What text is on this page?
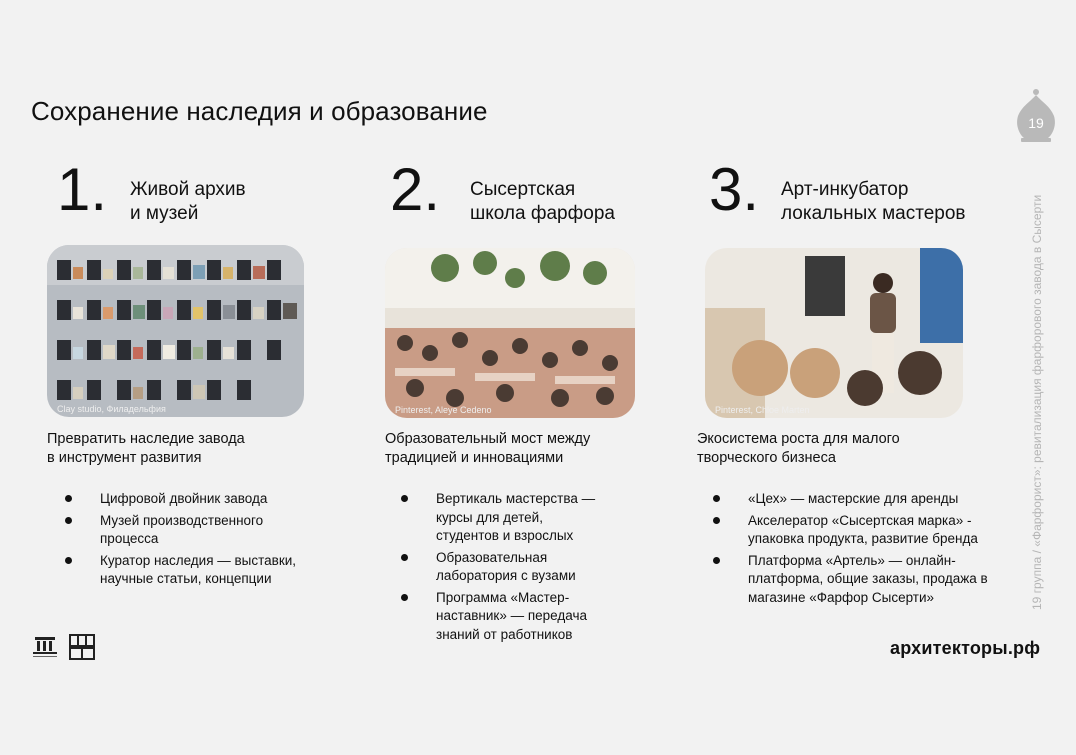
Сохранение наследия и образование	19
19 группа / «Фарфорист»: ревитализация фарфорового завода в Сысерти
1. Живой архив
и музей
Clay studio, Филадельфия
Превратить наследие завода
в инструмент развития
Цифровой двойник завода
Музей производственного процесса
Куратор наследия — выставки, научные статьи, концепции
2. Сысертская
школа фарфора
Pinterest, Aleye Cedeno
Образовательный мост между
традицией и инновациями
Вертикаль мастерства — курсы для детей, студентов и взрослых
Образовательная лаборатория с вузами
Программа «Мастер-наставник» — передача знаний от работников
3. Арт-инкубатор
локальных мастеров
Pinterest, Chloe Marten
Экосистема роста для малого
творческого бизнеса
«Цех» — мастерские для аренды
Акселератор «Сысертская марка» - упаковка продукта, развитие бренда
Платформа «Артель» — онлайн-платформа, общие заказы, продажа в магазине «Фарфор Сысерти»
архитекторы.рф
